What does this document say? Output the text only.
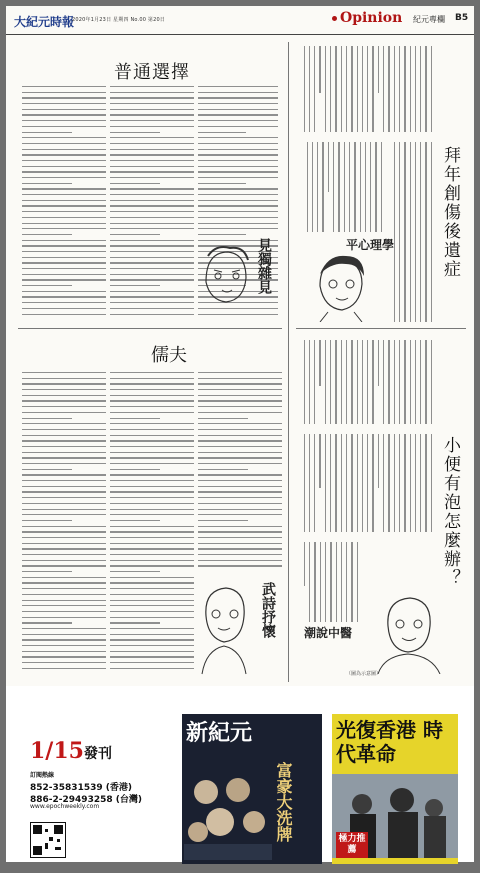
大紀元時報
2020年1月23日 星期四 No.00 第20日	Opinion 紀元專欄 B5
普通選擇
見獨雜見	拜年創傷後遺症
平心理學
儒夫
武詩抒懷
小便有泡怎麼辦？
潮說中醫
（圖為示意圖）
1/15發刊
訂閱熱線
852-35831539 (香港)
886-2-29493258 (台灣)
www.epochweekly.com
新紀元
富豪大洗牌
光復香港 時代革命
極力推薦
